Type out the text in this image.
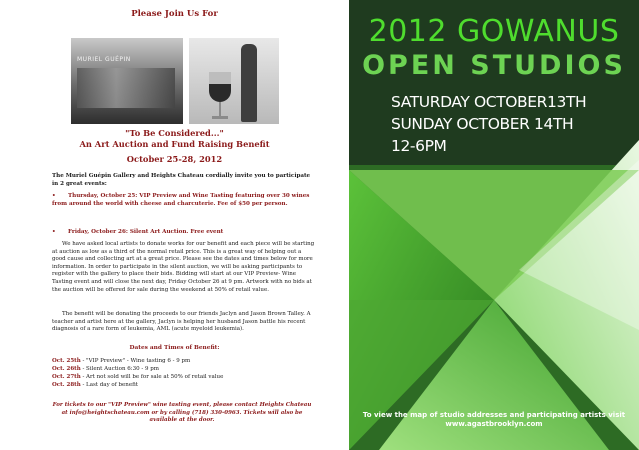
Please Join Us For
MURIEL GUÉPIN
"To Be Considered..."
An Art Auction and Fund Raising Benefit
October 25-28, 2012
The Muriel Guépin Gallery and Heights Chateau cordially invite you to participate in 2 great events:
• Thursday, October 25: VIP Preview and Wine Tasting featuring over 30 wines from around the world with cheese and charcuterie. Fee of $50 per person.
• Friday, October 26: Silent Art Auction. Free event
We have asked local artists to donate works for our benefit and each piece will be starting at auction as low as a third of the normal retail price. This is a great way of helping out a good cause and collecting art at a great price. Please see the dates and times below for more information. In order to participate in the silent auction, we will be asking participants to register with the gallery to place their bids. Bidding will start at our VIP Preview- Wine Tasting event and will close the next day, Friday October 26 at 9 pm. Artwork with no bids at the auction will be offered for sale during the weekend at 50% of retail value.
The benefit will be donating the proceeds to our friends Jaclyn and Jason Brown Talley. A teacher and artist here at the gallery, Jaclyn is helping her husband Jason battle his recent diagnosis of a rare form of leukemia, AML (acute myeloid leukemia).
Dates and Times of Benefit:
Oct. 25th - "VIP Preview" - Wine tasting 6 - 9 pm
Oct. 26th - Silent Auction 6:30 - 9 pm
Oct. 27th - Art not sold will be for sale at 50% of retail value
Oct. 28th - Last day of benefit
For tickets to our "VIP Preview" wine tasting event, please contact Heights Chateau at info@heightschateau.com or by calling (718) 330-0963. Tickets will also be available at the door.
2012 GOWANUS
OPEN STUDIOS
SATURDAY OCTOBER13TH
SUNDAY OCTOBER 14TH
12-6PM
To view the map of studio addresses and participating artists visit
www.agastbrooklyn.com
